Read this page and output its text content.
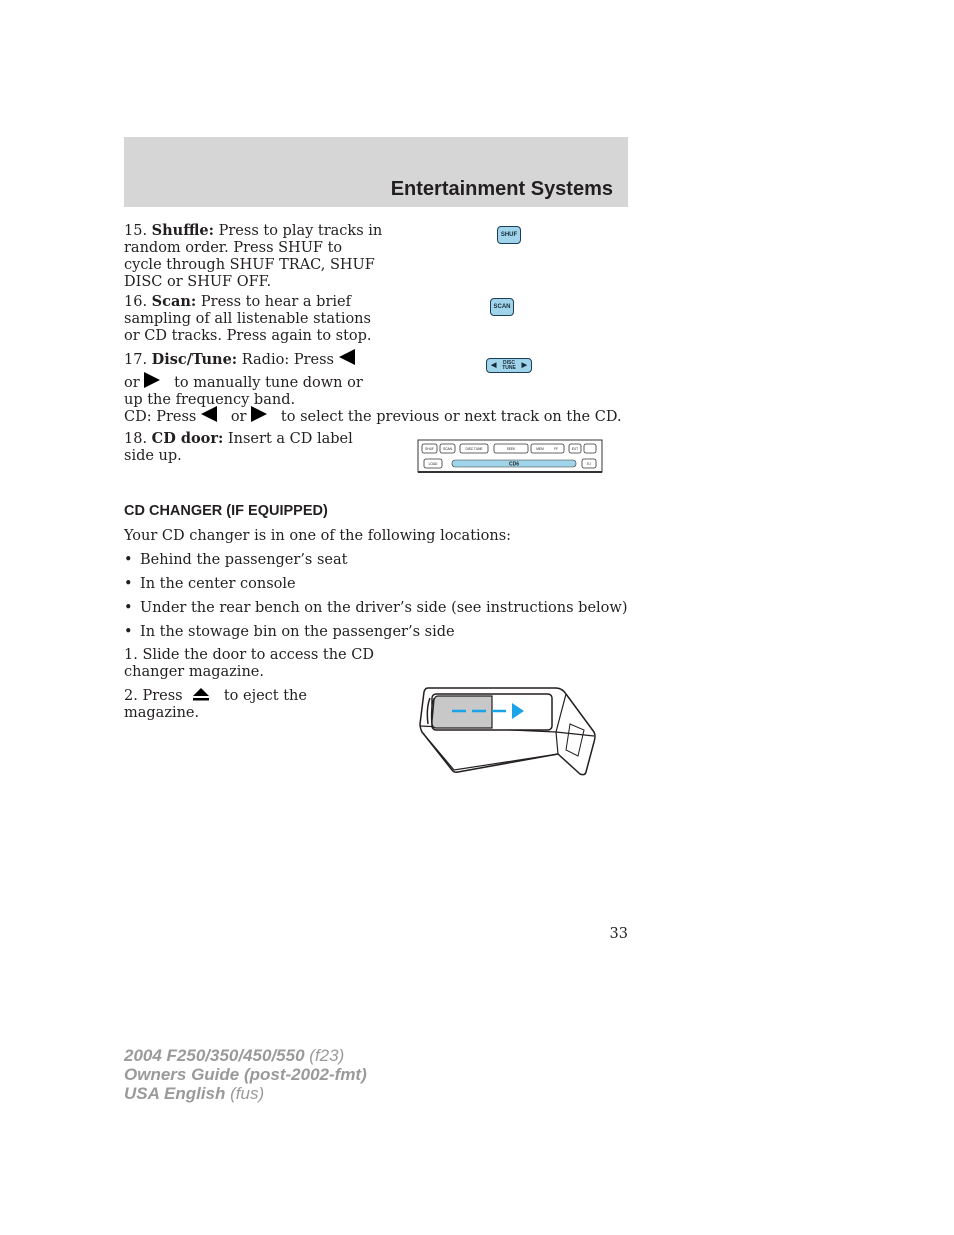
Entertainment Systems
15. Shuffle: Press to play tracks in random order. Press SHUF to cycle through SHUF TRAC, SHUF DISC or SHUF OFF.
SHUF
16. Scan: Press to hear a brief sampling of all listenable stations or CD tracks. Press again to stop.
SCAN
17. Disc/Tune: Radio: Press
or to manually tune down or up the frequency band.
CD: Press or to select the previous or next track on the CD.
◀ DISC
TUNE ▶
18. CD door: Insert a CD label side up.	SHUF	SCAN	DISC TUNE	SEEK	MEM	FF	EXT
LOAD	EJ
CD6
CD CHANGER (IF EQUIPPED)
Your CD changer is in one of the following locations:
• Behind the passenger’s seat
• In the center console
• Under the rear bench on the driver’s side (see instructions below)
• In the stowage bin on the passenger’s side
1. Slide the door to access the CD changer magazine.
2. Press	to eject the magazine.
33
2004 F250/350/450/550 (f23)
Owners Guide (post-2002-fmt)
USA English (fus)
